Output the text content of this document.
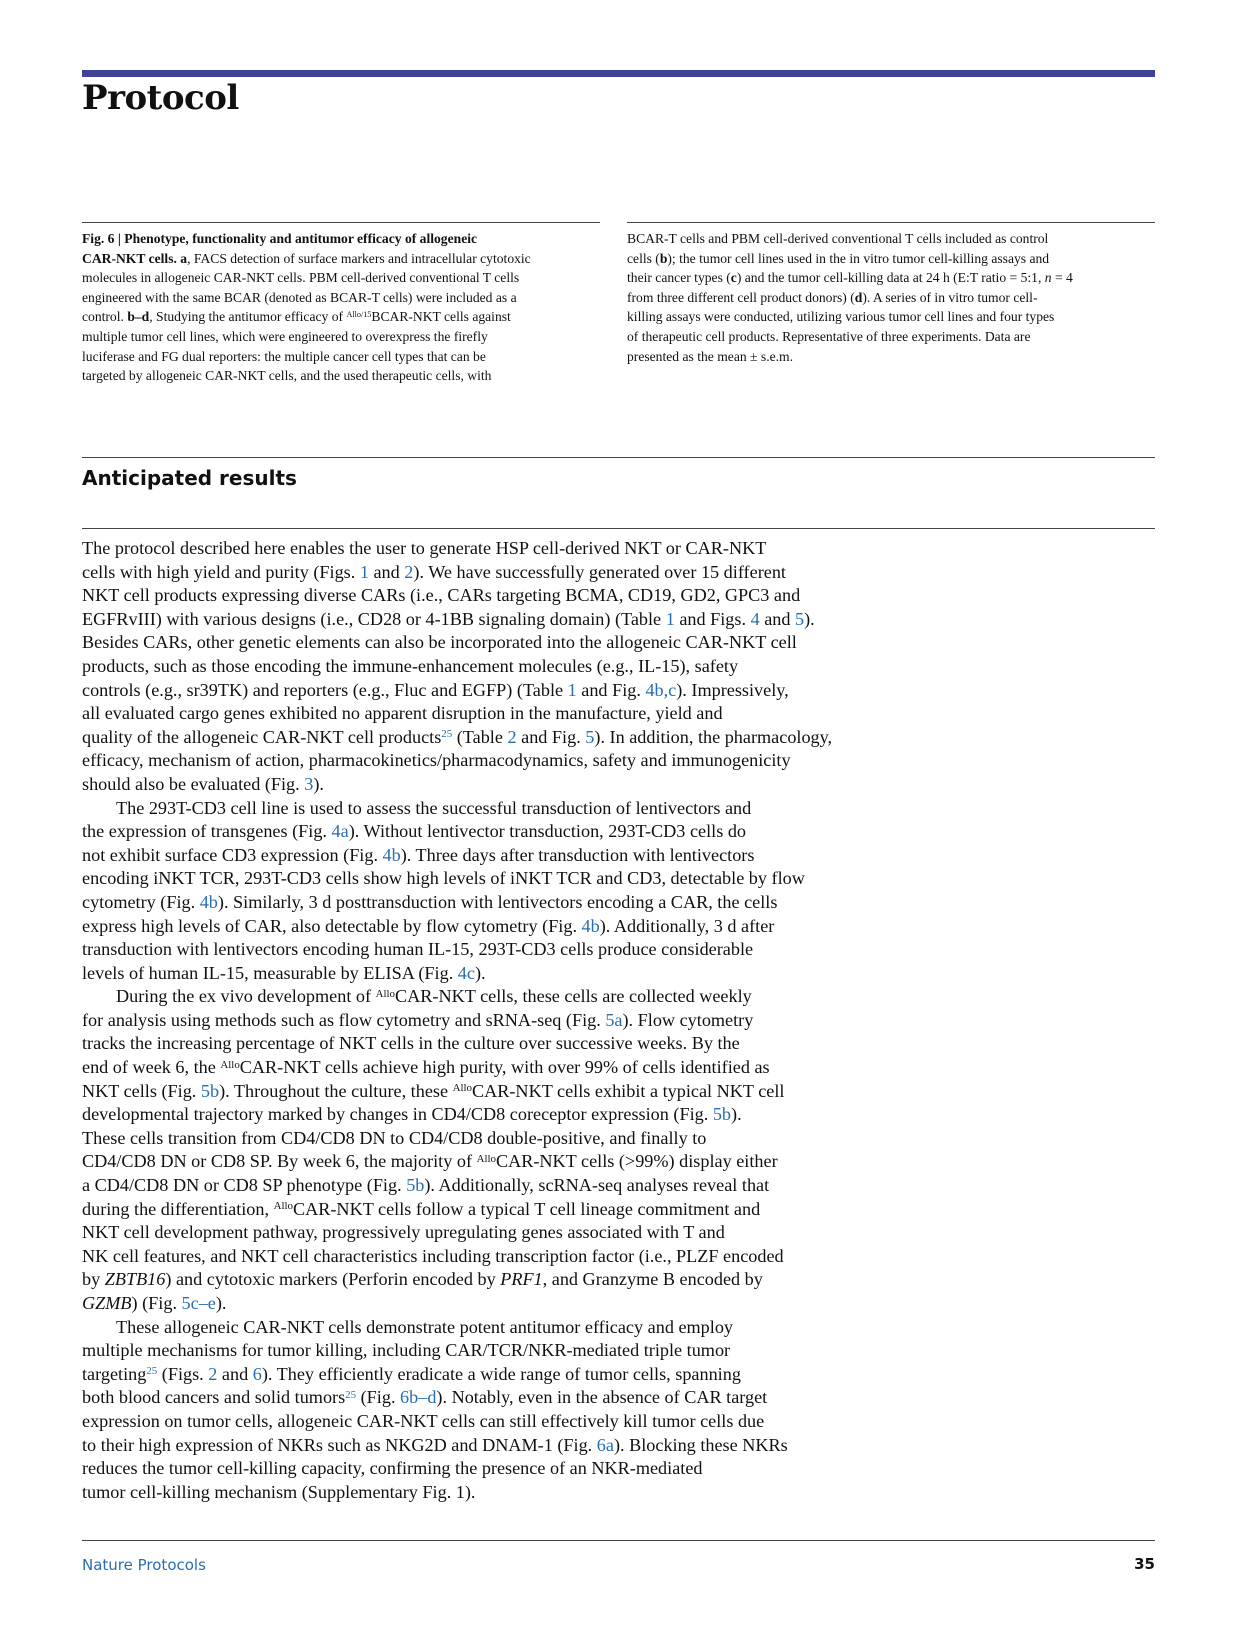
Protocol
Fig. 6 | Phenotype, functionality and antitumor efficacy of allogeneic
CAR-NKT cells. a, FACS detection of surface markers and intracellular cytotoxic
molecules in allogeneic CAR-NKT cells. PBM cell-derived conventional T cells
engineered with the same BCAR (denoted as BCAR-T cells) were included as a
control. b–d, Studying the antitumor efficacy of $^{Allo/15}$BCAR-NKT cells against
multiple tumor cell lines, which were engineered to overexpress the firefly
luciferase and FG dual reporters: the multiple cancer cell types that can be
targeted by allogeneic CAR-NKT cells, and the used therapeutic cells, with
BCAR-T cells and PBM cell-derived conventional T cells included as control
cells (b); the tumor cell lines used in the in vitro tumor cell-killing assays and
their cancer types (c) and the tumor cell-killing data at 24 h (E:T ratio = 5:1, n = 4
from three different cell product donors) (d). A series of in vitro tumor cell-
killing assays were conducted, utilizing various tumor cell lines and four types
of therapeutic cell products. Representative of three experiments. Data are
presented as the mean ± s.e.m.
Anticipated results
The protocol described here enables the user to generate HSP cell-derived NKT or CAR-NKT
cells with high yield and purity (Figs. 1 and 2). We have successfully generated over 15 different
NKT cell products expressing diverse CARs (i.e., CARs targeting BCMA, CD19, GD2, GPC3 and
EGFRvIII) with various designs (i.e., CD28 or 4-1BB signaling domain) (Table 1 and Figs. 4 and 5).
Besides CARs, other genetic elements can also be incorporated into the allogeneic CAR-NKT cell
products, such as those encoding the immune-enhancement molecules (e.g., IL-15), safety
controls (e.g., sr39TK) and reporters (e.g., Fluc and EGFP) (Table 1 and Fig. 4b,c). Impressively,
all evaluated cargo genes exhibited no apparent disruption in the manufacture, yield and
quality of the allogeneic CAR-NKT cell products$^{25}$ (Table 2 and Fig. 5). In addition, the pharmacology,
efficacy, mechanism of action, pharmacokinetics/pharmacodynamics, safety and immunogenicity
should also be evaluated (Fig. 3).
The 293T-CD3 cell line is used to assess the successful transduction of lentivectors and
the expression of transgenes (Fig. 4a). Without lentivector transduction, 293T-CD3 cells do
not exhibit surface CD3 expression (Fig. 4b). Three days after transduction with lentivectors
encoding iNKT TCR, 293T-CD3 cells show high levels of iNKT TCR and CD3, detectable by flow
cytometry (Fig. 4b). Similarly, 3 d posttransduction with lentivectors encoding a CAR, the cells
express high levels of CAR, also detectable by flow cytometry (Fig. 4b). Additionally, 3 d after
transduction with lentivectors encoding human IL-15, 293T-CD3 cells produce considerable
levels of human IL-15, measurable by ELISA (Fig. 4c).
During the ex vivo development of $^{Allo}$CAR-NKT cells, these cells are collected weekly
for analysis using methods such as flow cytometry and sRNA-seq (Fig. 5a). Flow cytometry
tracks the increasing percentage of NKT cells in the culture over successive weeks. By the
end of week 6, the $^{Allo}$CAR-NKT cells achieve high purity, with over 99% of cells identified as
NKT cells (Fig. 5b). Throughout the culture, these $^{Allo}$CAR-NKT cells exhibit a typical NKT cell
developmental trajectory marked by changes in CD4/CD8 coreceptor expression (Fig. 5b).
These cells transition from CD4/CD8 DN to CD4/CD8 double-positive, and finally to
CD4/CD8 DN or CD8 SP. By week 6, the majority of $^{Allo}$CAR-NKT cells (>99%) display either
a CD4/CD8 DN or CD8 SP phenotype (Fig. 5b). Additionally, scRNA-seq analyses reveal that
during the differentiation, $^{Allo}$CAR-NKT cells follow a typical T cell lineage commitment and
NKT cell development pathway, progressively upregulating genes associated with T and
NK cell features, and NKT cell characteristics including transcription factor (i.e., PLZF encoded
by ZBTB16) and cytotoxic markers (Perforin encoded by PRF1, and Granzyme B encoded by
GZMB) (Fig. 5c–e).
These allogeneic CAR-NKT cells demonstrate potent antitumor efficacy and employ
multiple mechanisms for tumor killing, including CAR/TCR/NKR-mediated triple tumor
targeting$^{25}$ (Figs. 2 and 6). They efficiently eradicate a wide range of tumor cells, spanning
both blood cancers and solid tumors$^{25}$ (Fig. 6b–d). Notably, even in the absence of CAR target
expression on tumor cells, allogeneic CAR-NKT cells can still effectively kill tumor cells due
to their high expression of NKRs such as NKG2D and DNAM-1 (Fig. 6a). Blocking these NKRs
reduces the tumor cell-killing capacity, confirming the presence of an NKR-mediated
tumor cell-killing mechanism (Supplementary Fig. 1).
Nature Protocols	35
